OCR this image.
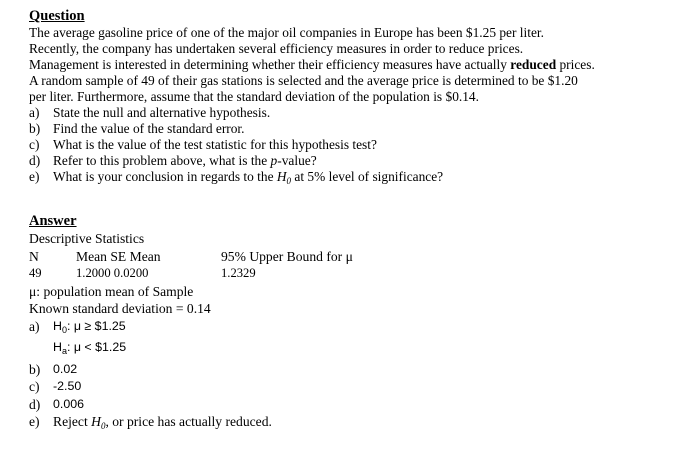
Question

The average gasoline price of one of the major oil companies in Europe has been $1.25 per liter.

Recently, the company has undertaken several efficiency measures in order to reduce prices.

Management is interested in determining whether their efficiency measures have actually reduced prices.

A random sample of 49 of their gas stations is selected and the average price is determined to be $1.20

per liter. Furthermore, assume that the standard deviation of the population is $0.14.

a)	State the null and alternative hypothesis.
b) Find the value of the standard error.
c)	What is the value of the test statistic for this hypothesis test?
d) Refer to this problem above, what is the p-value?
e)	What is your conclusion in regards to the $H_0$ at 5% level of significance?
Answer
Descriptive Statistics
N	Mean SE Mean	95% Upper Bound for μ
49	1.2000 0.0200	1.2329
μ: population mean of Sample
Known standard deviation = 0.14
a)	$H_0$: μ ≥ $1.25
$H_a$: μ < $1.25
b)	0.02
c)	-2.50
d)	0.006
e) Reject $H_0$, or price has actually reduced.
